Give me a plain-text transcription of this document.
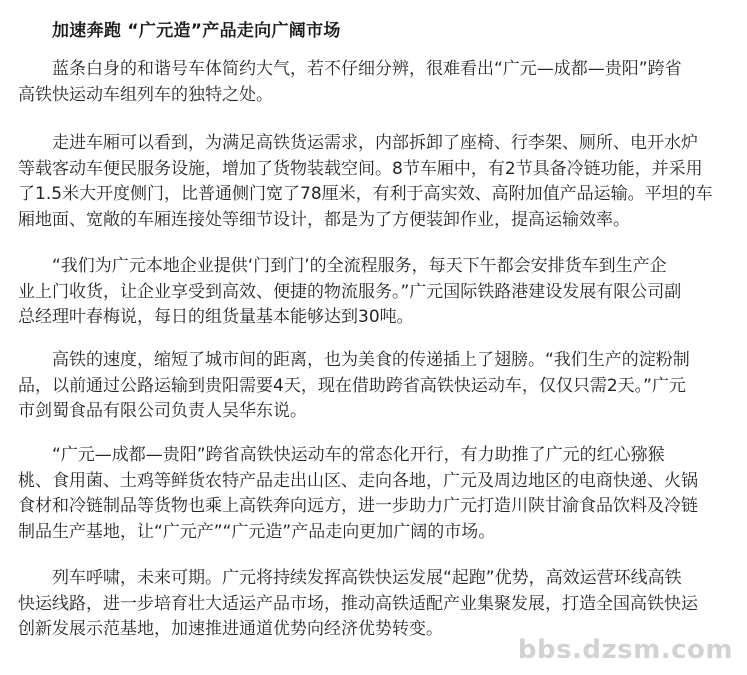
加速奔跑 “广元造”产品走向广阔市场

蓝条白身的和谐号车体简约大气，若不仔细分辨，很难看出“广元—成都—贵阳”跨省
高铁快运动车组列车的独特之处。

走进车厢可以看到，为满足高铁货运需求，内部拆卸了座椅、行李架、厕所、电开水炉
等载客动车便民服务设施，增加了货物装载空间。8节车厢中，有2节具备冷链功能，并采用
了1.5米大开度侧门，比普通侧门宽了78厘米，有利于高实效、高附加值产品运输。平坦的车
厢地面、宽敞的车厢连接处等细节设计，都是为了方便装卸作业，提高运输效率。

“我们为广元本地企业提供‘门到门’的全流程服务，每天下午都会安排货车到生产企
业上门收货，让企业享受到高效、便捷的物流服务。”广元国际铁路港建设发展有限公司副
总经理叶春梅说，每日的组货量基本能够达到30吨。

高铁的速度，缩短了城市间的距离，也为美食的传递插上了翅膀。“我们生产的淀粉制
品，以前通过公路运输到贵阳需要4天，现在借助跨省高铁快运动车，仅仅只需2天。”广元
市剑蜀食品有限公司负责人吴华东说。

“广元—成都—贵阳”跨省高铁快运动车的常态化开行，有力助推了广元的红心猕猴
桃、食用菌、土鸡等鲜货农特产品走出山区、走向各地，广元及周边地区的电商快递、火锅
食材和冷链制品等货物也乘上高铁奔向远方，进一步助力广元打造川陕甘渝食品饮料及冷链
制品生产基地，让“广元产”“广元造”产品走向更加广阔的市场。

列车呼啸，未来可期。广元将持续发挥高铁快运发展“起跑”优势，高效运营环线高铁
快运线路，进一步培育壮大适运产品市场，推动高铁适配产业集聚发展，打造全国高铁快运
创新发展示范基地，加速推进通道优势向经济优势转变。

bbs.dzsm.com
